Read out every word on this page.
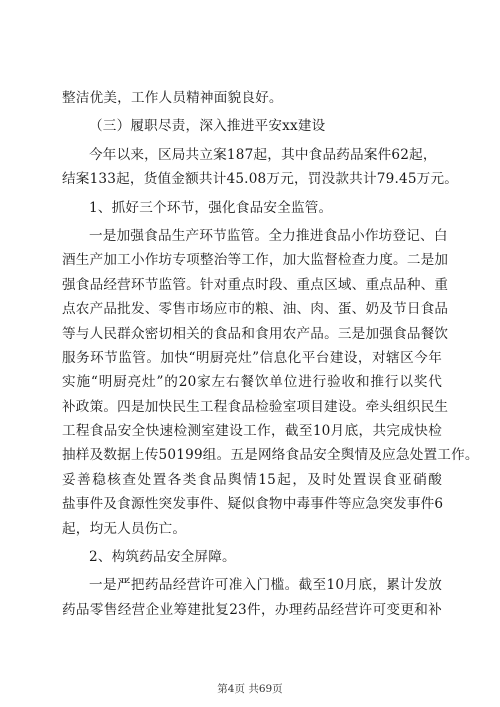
整洁优美，工作人员精神面貌良好。
（三）履职尽责，深入推进平安xx建设
今年以来，区局共立案187起，其中食品药品案件62起，
结案133起，货值金额共计45.08万元，罚没款共计79.45万元。
1、抓好三个环节，强化食品安全监管。
一是加强食品生产环节监管。全力推进食品小作坊登记、白
酒生产加工小作坊专项整治等工作，加大监督检查力度。二是加
强食品经营环节监管。针对重点时段、重点区域、重点品种、重
点农产品批发、零售市场应市的粮、油、肉、蛋、奶及节日食品
等与人民群众密切相关的食品和食用农产品。三是加强食品餐饮
服务环节监管。加快“明厨亮灶”信息化平台建设，对辖区今年
实施“明厨亮灶”的20家左右餐饮单位进行验收和推行以奖代
补政策。四是加快民生工程食品检验室项目建设。牵头组织民生
工程食品安全快速检测室建设工作，截至10月底，共完成快检
抽样及数据上传50199组。五是网络食品安全舆情及应急处置工作。
妥善稳核查处置各类食品舆情15起，及时处置误食亚硝酸
盐事件及食源性突发事件、疑似食物中毒事件等应急突发事件6
起，均无人员伤亡。
2、构筑药品安全屏障。
一是严把药品经营许可准入门槛。截至10月底，累计发放
药品零售经营企业筹建批复23件，办理药品经营许可变更和补
第4页 共69页
